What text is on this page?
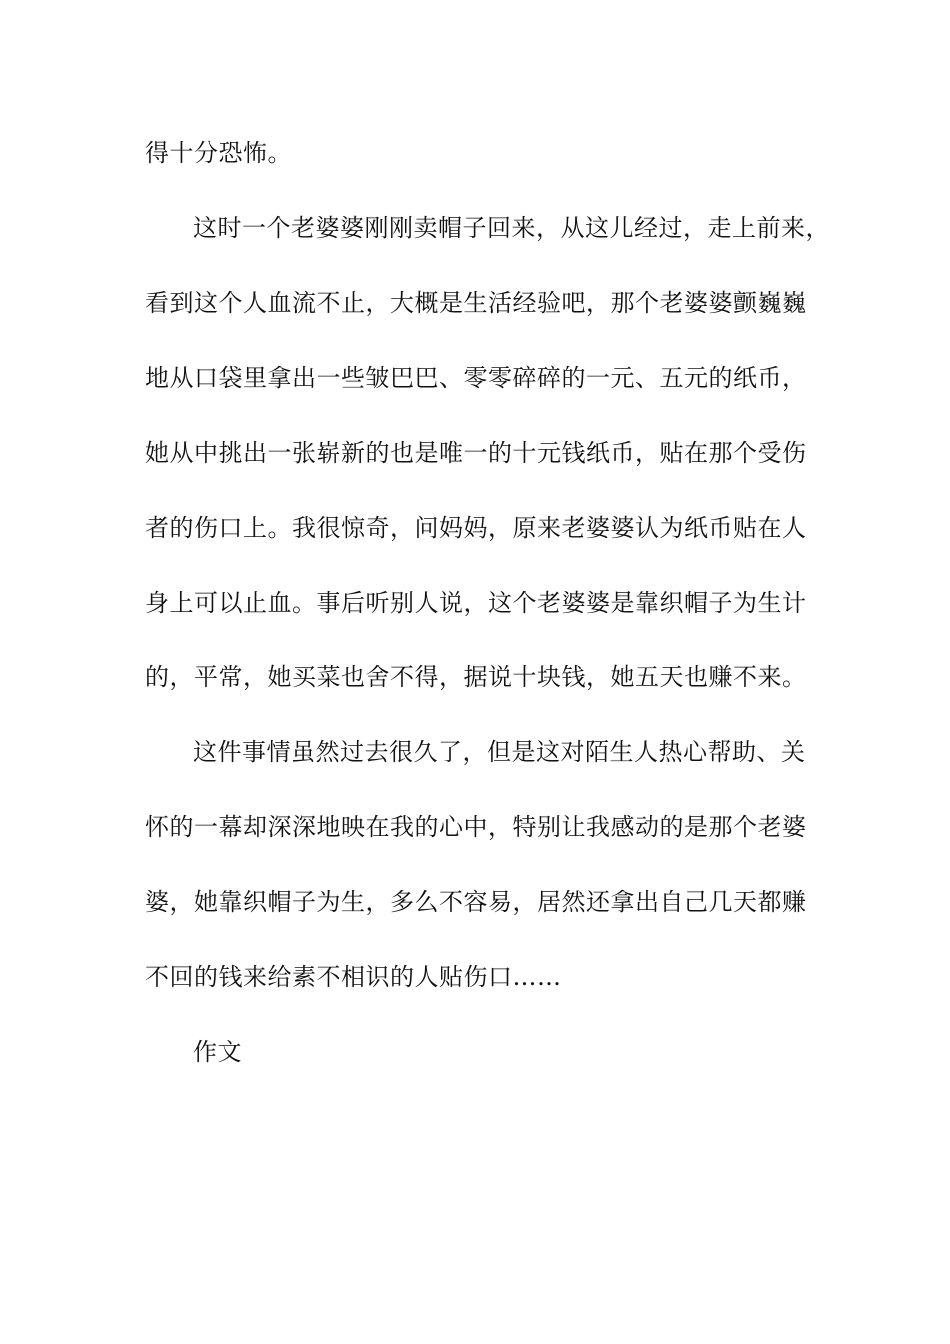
得十分恐怖。
这时一个老婆婆刚刚卖帽子回来，从这儿经过，走上前来，
看到这个人血流不止，大概是生活经验吧，那个老婆婆颤巍巍
地从口袋里拿出一些皱巴巴、零零碎碎的一元、五元的纸币，
她从中挑出一张崭新的也是唯一的十元钱纸币，贴在那个受伤
者的伤口上。我很惊奇，问妈妈，原来老婆婆认为纸币贴在人
身上可以止血。事后听别人说，这个老婆婆是靠织帽子为生计
的，平常，她买菜也舍不得，据说十块钱，她五天也赚不来。
这件事情虽然过去很久了，但是这对陌生人热心帮助、关
怀的一幕却深深地映在我的心中，特别让我感动的是那个老婆
婆，她靠织帽子为生，多么不容易，居然还拿出自己几天都赚
不回的钱来给素不相识的人贴伤口……
作文
